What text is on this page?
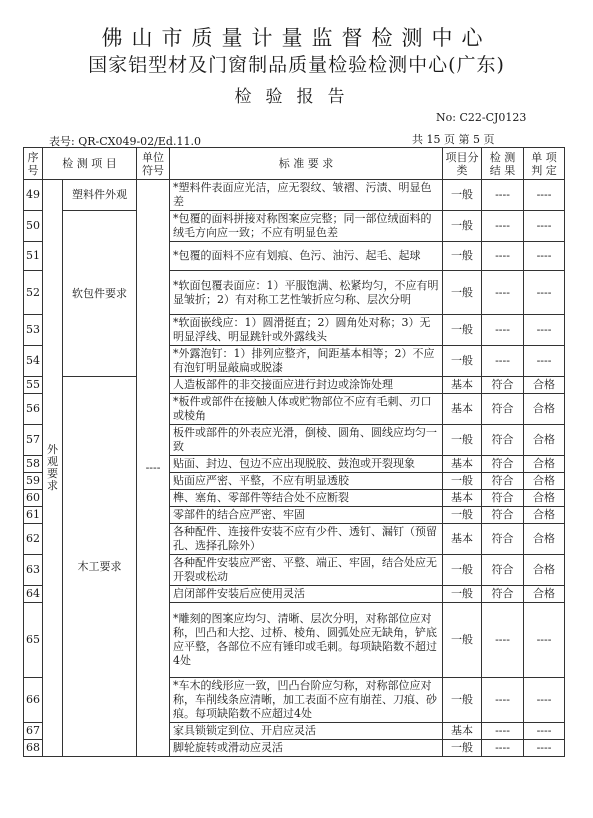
佛山市质量计量监督检测中心
国家铝型材及门窗制品质量检验检测中心(广东)
检验报告
No: C22-CJ0123
表号: QR-CX049-02/Ed.11.0	共 15 页 第 5 页
序号	检 测 项 目		单位符号	标 准 要 求	项目分类	检 测 结 果	单 项 判 定
49	外观要求	塑料件外观	----	*塑料件表面应光洁，应无裂纹、皱褶、污渍、明显色差	一般	----	----
50		软包件要求		*包覆的面料拼接对称图案应完整；同一部位绒面料的绒毛方向应一致；不应有明显色差	一般	----	----
51				*包覆的面料不应有划痕、色污、油污、起毛、起球	一般	----	----
52				*软面包覆表面应：1）平服饱满、松紧均匀，不应有明显皱折；2）有对称工艺性皱折应匀称、层次分明	一般	----	----
53				*软面嵌线应：1）圆滑挺直；2）圆角处对称；3）无明显浮线、明显跳针或外露线头	一般	----	----
54				*外露泡钉：1）排列应整齐，间距基本相等；2）不应有泡钉明显敲扁或脱漆	一般	----	----
55		木工要求		人造板部件的非交接面应进行封边或涂饰处理	基本	符合	合格
56				*板件或部件在接触人体或贮物部位不应有毛刺、刃口或棱角	基本	符合	合格
57				板件或部件的外表应光滑，倒棱、圆角、圆线应均匀一致	一般	符合	合格
58				贴面、封边、包边不应出现脱胶、鼓泡或开裂现象	基本	符合	合格
59				贴面应严密、平整，不应有明显透胶	一般	符合	合格
60				榫、塞角、零部件等结合处不应断裂	基本	符合	合格
61				零部件的结合应严密、牢固	一般	符合	合格
62				各种配件、连接件安装不应有少件、透钉、漏钉（预留孔、选择孔除外）	基本	符合	合格
63				各种配件安装应严密、平整、端正、牢固，结合处应无开裂或松动	一般	符合	合格
64				启闭部件安装后应使用灵活	一般	符合	合格
65				*雕刻的图案应均匀、清晰、层次分明，对称部位应对称，凹凸和大挖、过桥、棱角、圆弧处应无缺角，铲底应平整，各部位不应有锤印或毛刺。每项缺陷数不超过4处	一般	----	----
66				*车木的线形应一致，凹凸台阶应匀称，对称部位应对称，车削线条应清晰，加工表面不应有崩茬、刀痕、砂痕。每项缺陷数不应超过4处	一般	----	----
67				家具锁锁定到位、开启应灵活	基本	----	----
68				脚轮旋转或滑动应灵活	一般	----	----
